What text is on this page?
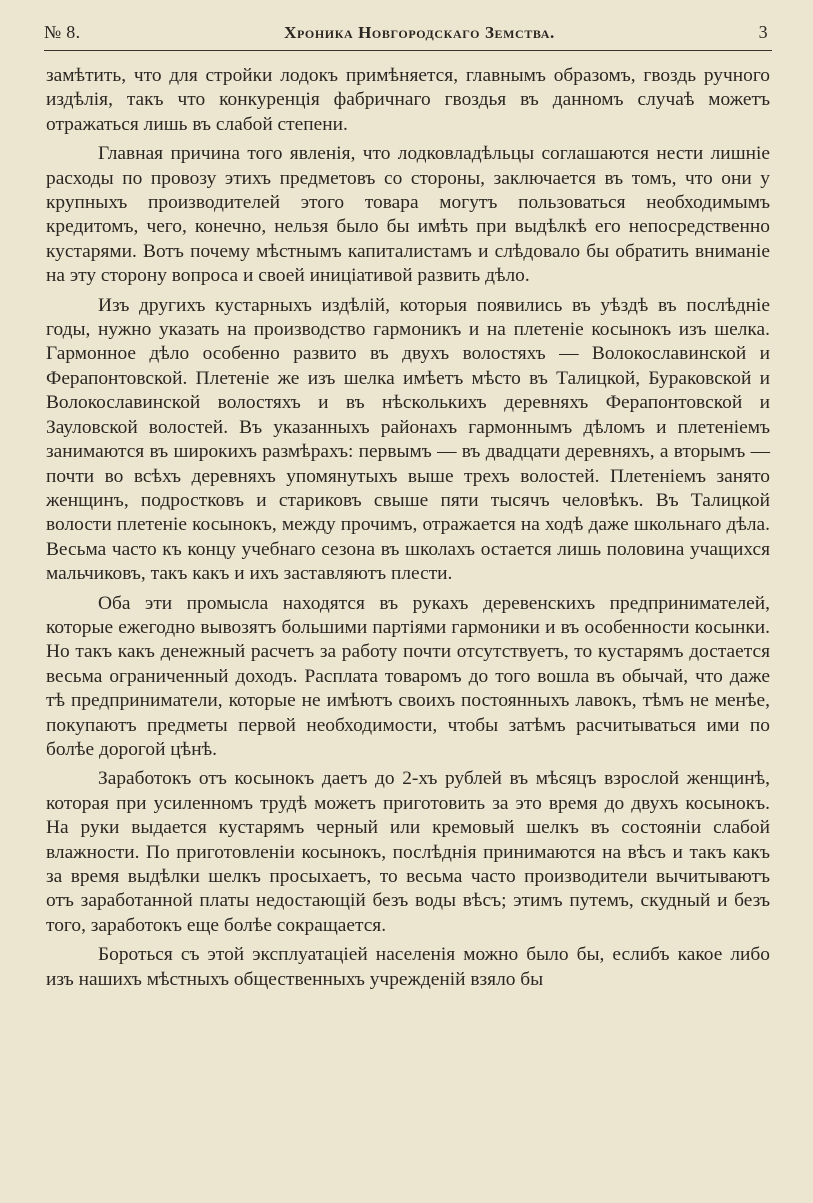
№ 8.	Хроника Новгородскаго Земства.	3

замѣтить, что для стройки лодокъ примѣняется, главнымъ образомъ, гвоздь ручного издѣлія, такъ что конкуренція фабричнаго гвоздья въ данномъ случаѣ можетъ отражаться лишь въ слабой степени.

Главная причина того явленія, что лодковладѣльцы соглашаются нести лишніе расходы по провозу этихъ предметовъ со стороны, заключается въ томъ, что они у крупныхъ производителей этого товара могутъ пользоваться необходимымъ кредитомъ, чего, конечно, нельзя было бы имѣть при выдѣлкѣ его непосредственно кустарями. Вотъ почему мѣстнымъ капиталистамъ и слѣдовало бы обратить вниманіе на эту сторону вопроса и своей иниціативой развить дѣло.

Изъ другихъ кустарныхъ издѣлій, которыя появились въ уѣздѣ въ послѣдніе годы, нужно указать на производство гармоникъ и на плетеніе косынокъ изъ шелка. Гармонное дѣло особенно развито въ двухъ волостяхъ — Волокославинской и Ферапонтовской. Плетеніе же изъ шелка имѣетъ мѣсто въ Талицкой, Бураковской и Волокославинской волостяхъ и въ нѣсколькихъ деревняхъ Ферапонтовской и Зауловской волостей. Въ указанныхъ районахъ гармоннымъ дѣломъ и плетеніемъ занимаются въ широкихъ размѣрахъ: первымъ — въ двадцати деревняхъ, а вторымъ — почти во всѣхъ деревняхъ упомянутыхъ выше трехъ волостей. Плетеніемъ занято женщинъ, подростковъ и стариковъ свыше пяти тысячъ человѣкъ. Въ Талицкой волости плетеніе косынокъ, между прочимъ, отражается на ходѣ даже школьнаго дѣла. Весьма часто къ концу учебнаго сезона въ школахъ остается лишь половина учащихся мальчиковъ, такъ какъ и ихъ заставляютъ плести.

Оба эти промысла находятся въ рукахъ деревенскихъ предпринимателей, которые ежегодно вывозятъ большими партіями гармоники и въ особенности косынки. Но такъ какъ денежный расчетъ за работу почти отсутствуетъ, то кустарямъ достается весьма ограниченный доходъ. Расплата товаромъ до того вошла въ обычай, что даже тѣ предприниматели, которые не имѣютъ своихъ постоянныхъ лавокъ, тѣмъ не менѣе, покупаютъ предметы первой необходимости, чтобы затѣмъ расчитываться ими по болѣе дорогой цѣнѣ.

Заработокъ отъ косынокъ даетъ до 2-хъ рублей въ мѣсяцъ взрослой женщинѣ, которая при усиленномъ трудѣ можетъ приготовить за это время до двухъ косынокъ. На руки выдается кустарямъ черный или кремовый шелкъ въ состояніи слабой влажности. По приготовленіи косынокъ, послѣднія принимаются на вѣсъ и такъ какъ за время выдѣлки шелкъ просыхаетъ, то весьма часто производители вычитываютъ отъ заработанной платы недостающій безъ воды вѣсъ; этимъ путемъ, скудный и безъ того, заработокъ еще болѣе сокращается.

Бороться съ этой эксплуатаціей населенія можно было бы, еслибъ какое либо изъ нашихъ мѣстныхъ общественныхъ учрежденій взяло бы
